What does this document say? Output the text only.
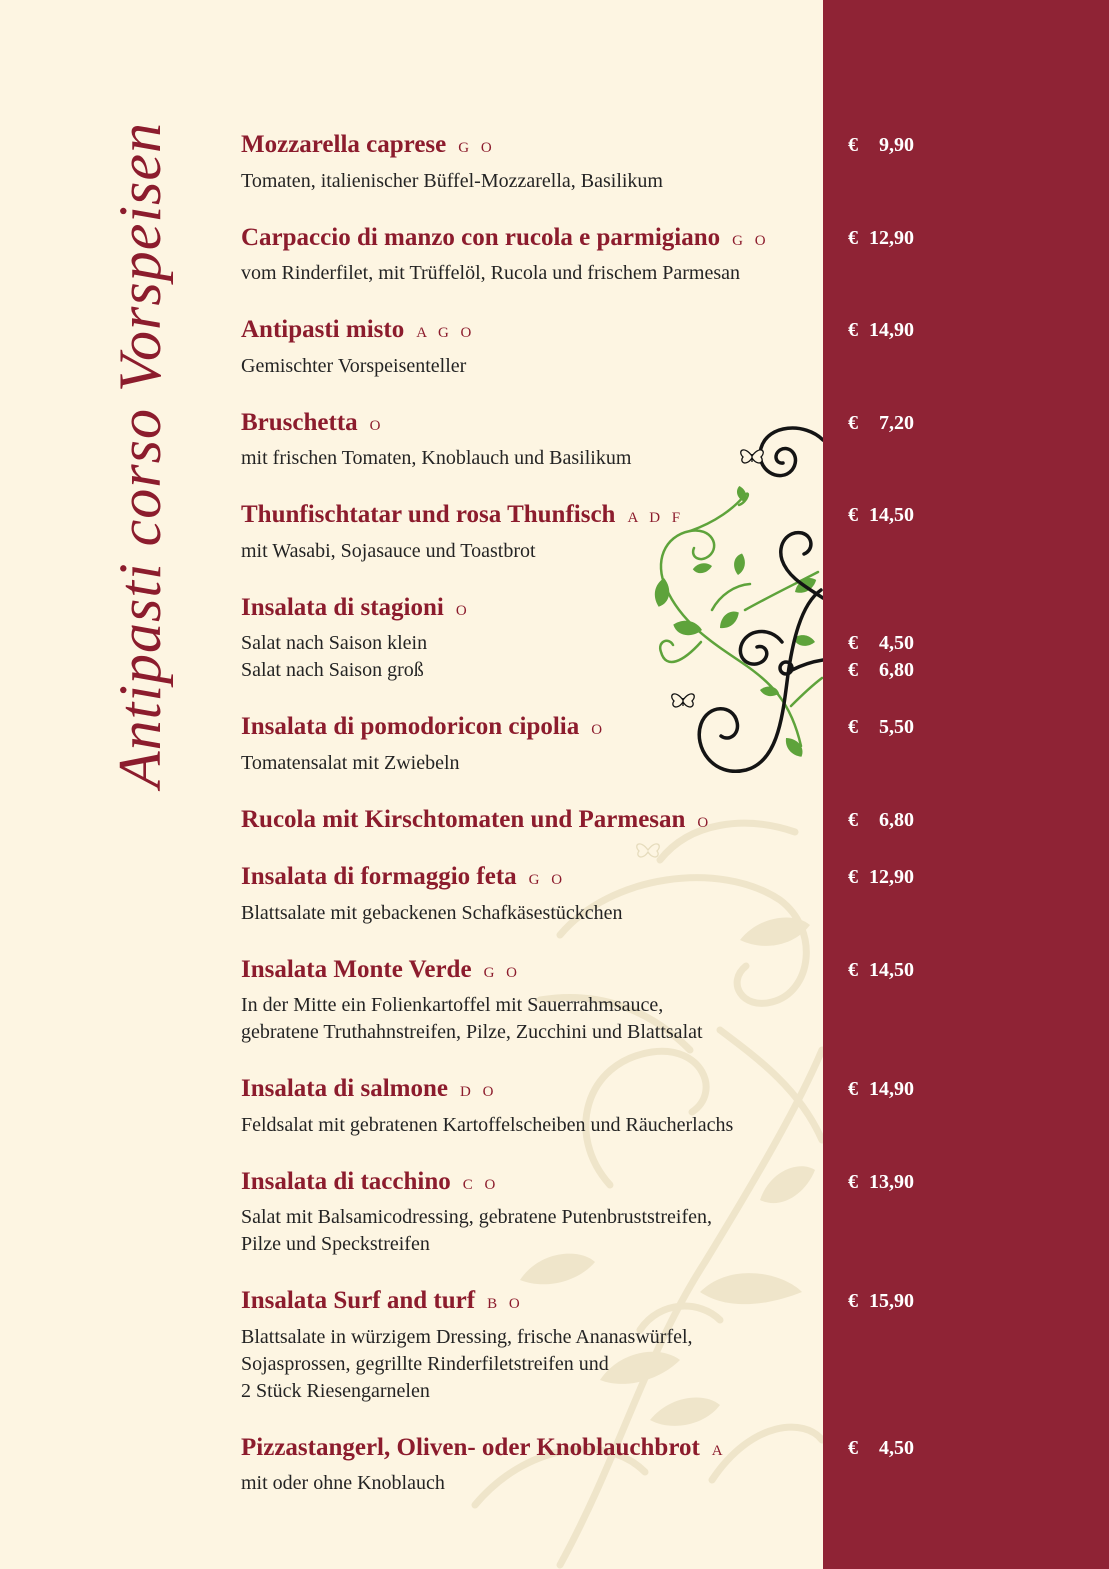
Antipasti corso Vorspeisen	Mozzarella caprese G O	€ 9,90
Tomaten, italienischer Büffel-Mozzarella, Basilikum
Carpaccio di manzo con rucola e parmigiano G O	€ 12,90
vom Rinderfilet, mit Trüffelöl, Rucola und frischem Parmesan
Antipasti misto A G O	€ 14,90
Gemischter Vorspeisenteller
Bruschetta O	€ 7,20
mit frischen Tomaten, Knoblauch und Basilikum
Thunfischtatar und rosa Thunfisch A D F	€ 14,50
mit Wasabi, Sojasauce und Toastbrot
Insalata di stagioni O
Salat nach Saison klein	€ 4,50
Salat nach Saison groß	€ 6,80
Insalata di pomodoricon cipolia O	€ 5,50
Tomatensalat mit Zwiebeln
Rucola mit Kirschtomaten und Parmesan O	€ 6,80
Insalata di formaggio feta G O	€ 12,90
Blattsalate mit gebackenen Schafkäsestückchen
Insalata Monte Verde G O	€ 14,50
In der Mitte ein Folienkartoffel mit Sauerrahmsauce,
gebratene Truthahnstreifen, Pilze, Zucchini und Blattsalat
Insalata di salmone D O	€ 14,90
Feldsalat mit gebratenen Kartoffelscheiben und Räucherlachs
Insalata di tacchino C O	€ 13,90
Salat mit Balsamicodressing, gebratene Putenbruststreifen,
Pilze und Speckstreifen
Insalata Surf and turf B O	€ 15,90
Blattsalate in würzigem Dressing, frische Ananaswürfel,
Sojasprossen, gegrillte Rinderfiletstreifen und
2 Stück Riesengarnelen
Pizzastangerl, Oliven- oder Knoblauchbrot A	€ 4,50
mit oder ohne Knoblauch
